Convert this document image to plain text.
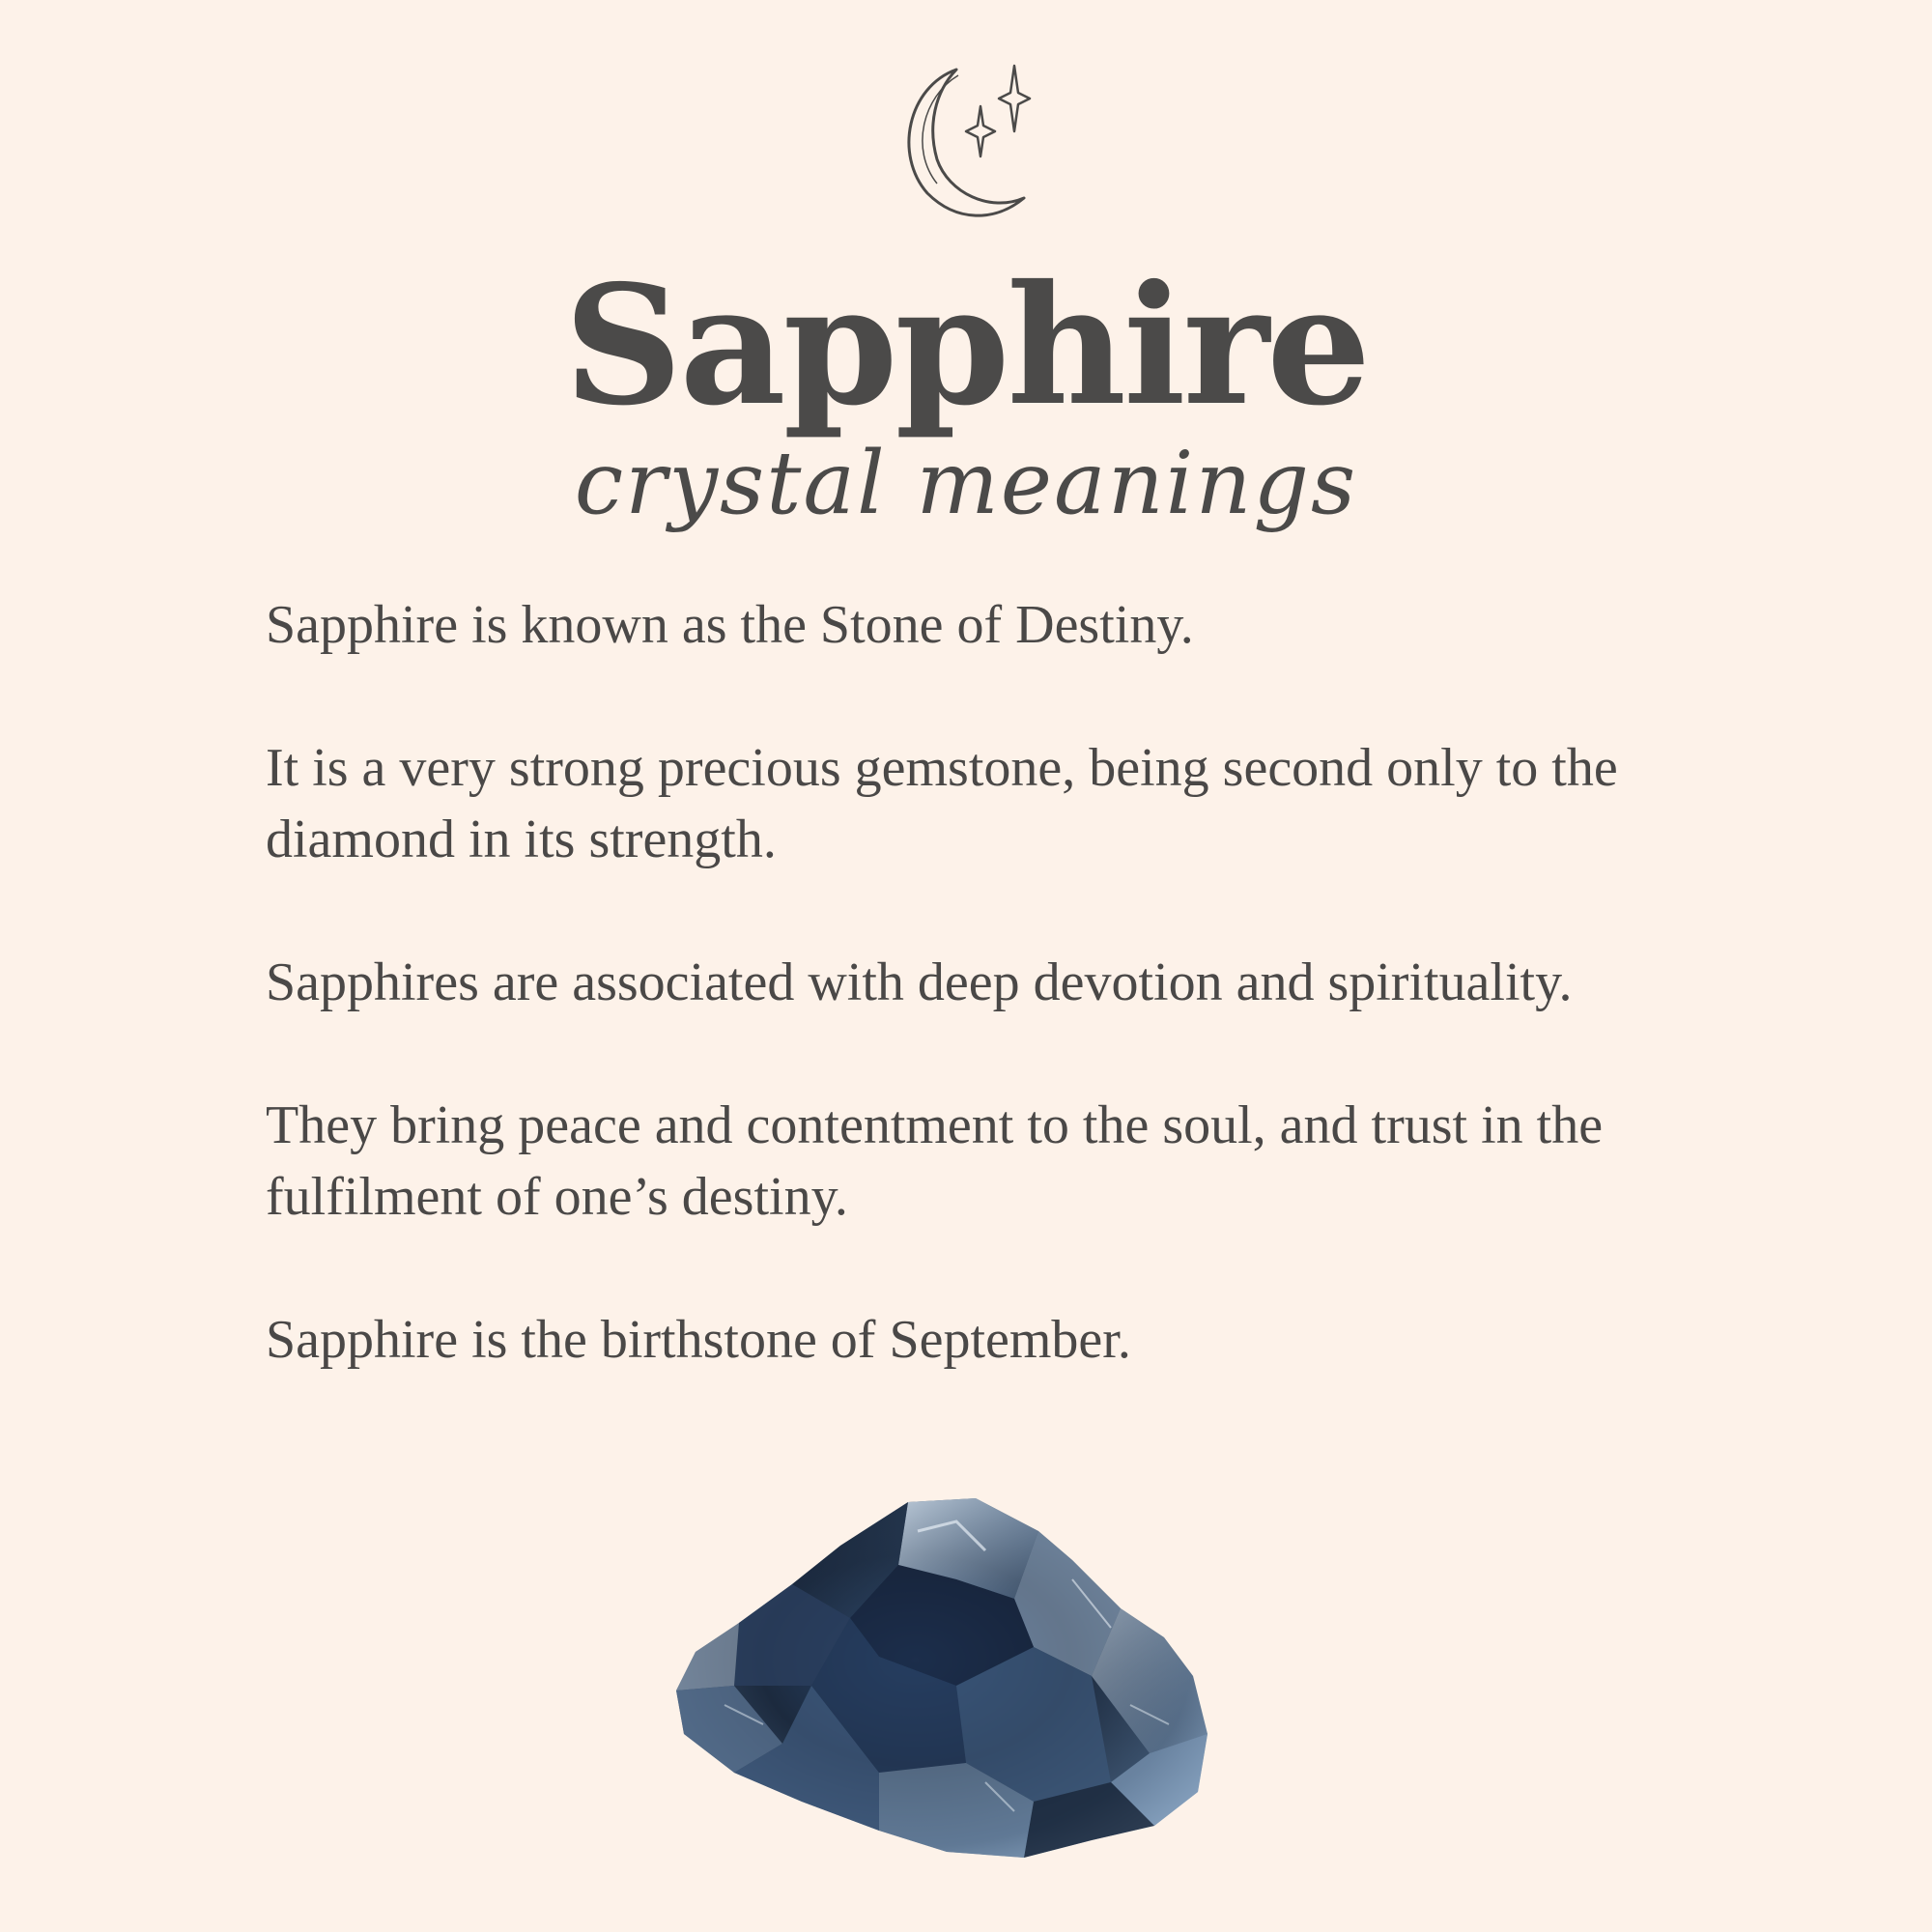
Sapphire
crystal meanings

Sapphire is known as the Stone of Destiny.

It is a very strong precious gemstone, being second only to the diamond in its strength.

Sapphires are associated with deep devotion and spirituality.

They bring peace and contentment to the soul, and trust in the fulfilment of one’s destiny.

Sapphire is the birthstone of September.
